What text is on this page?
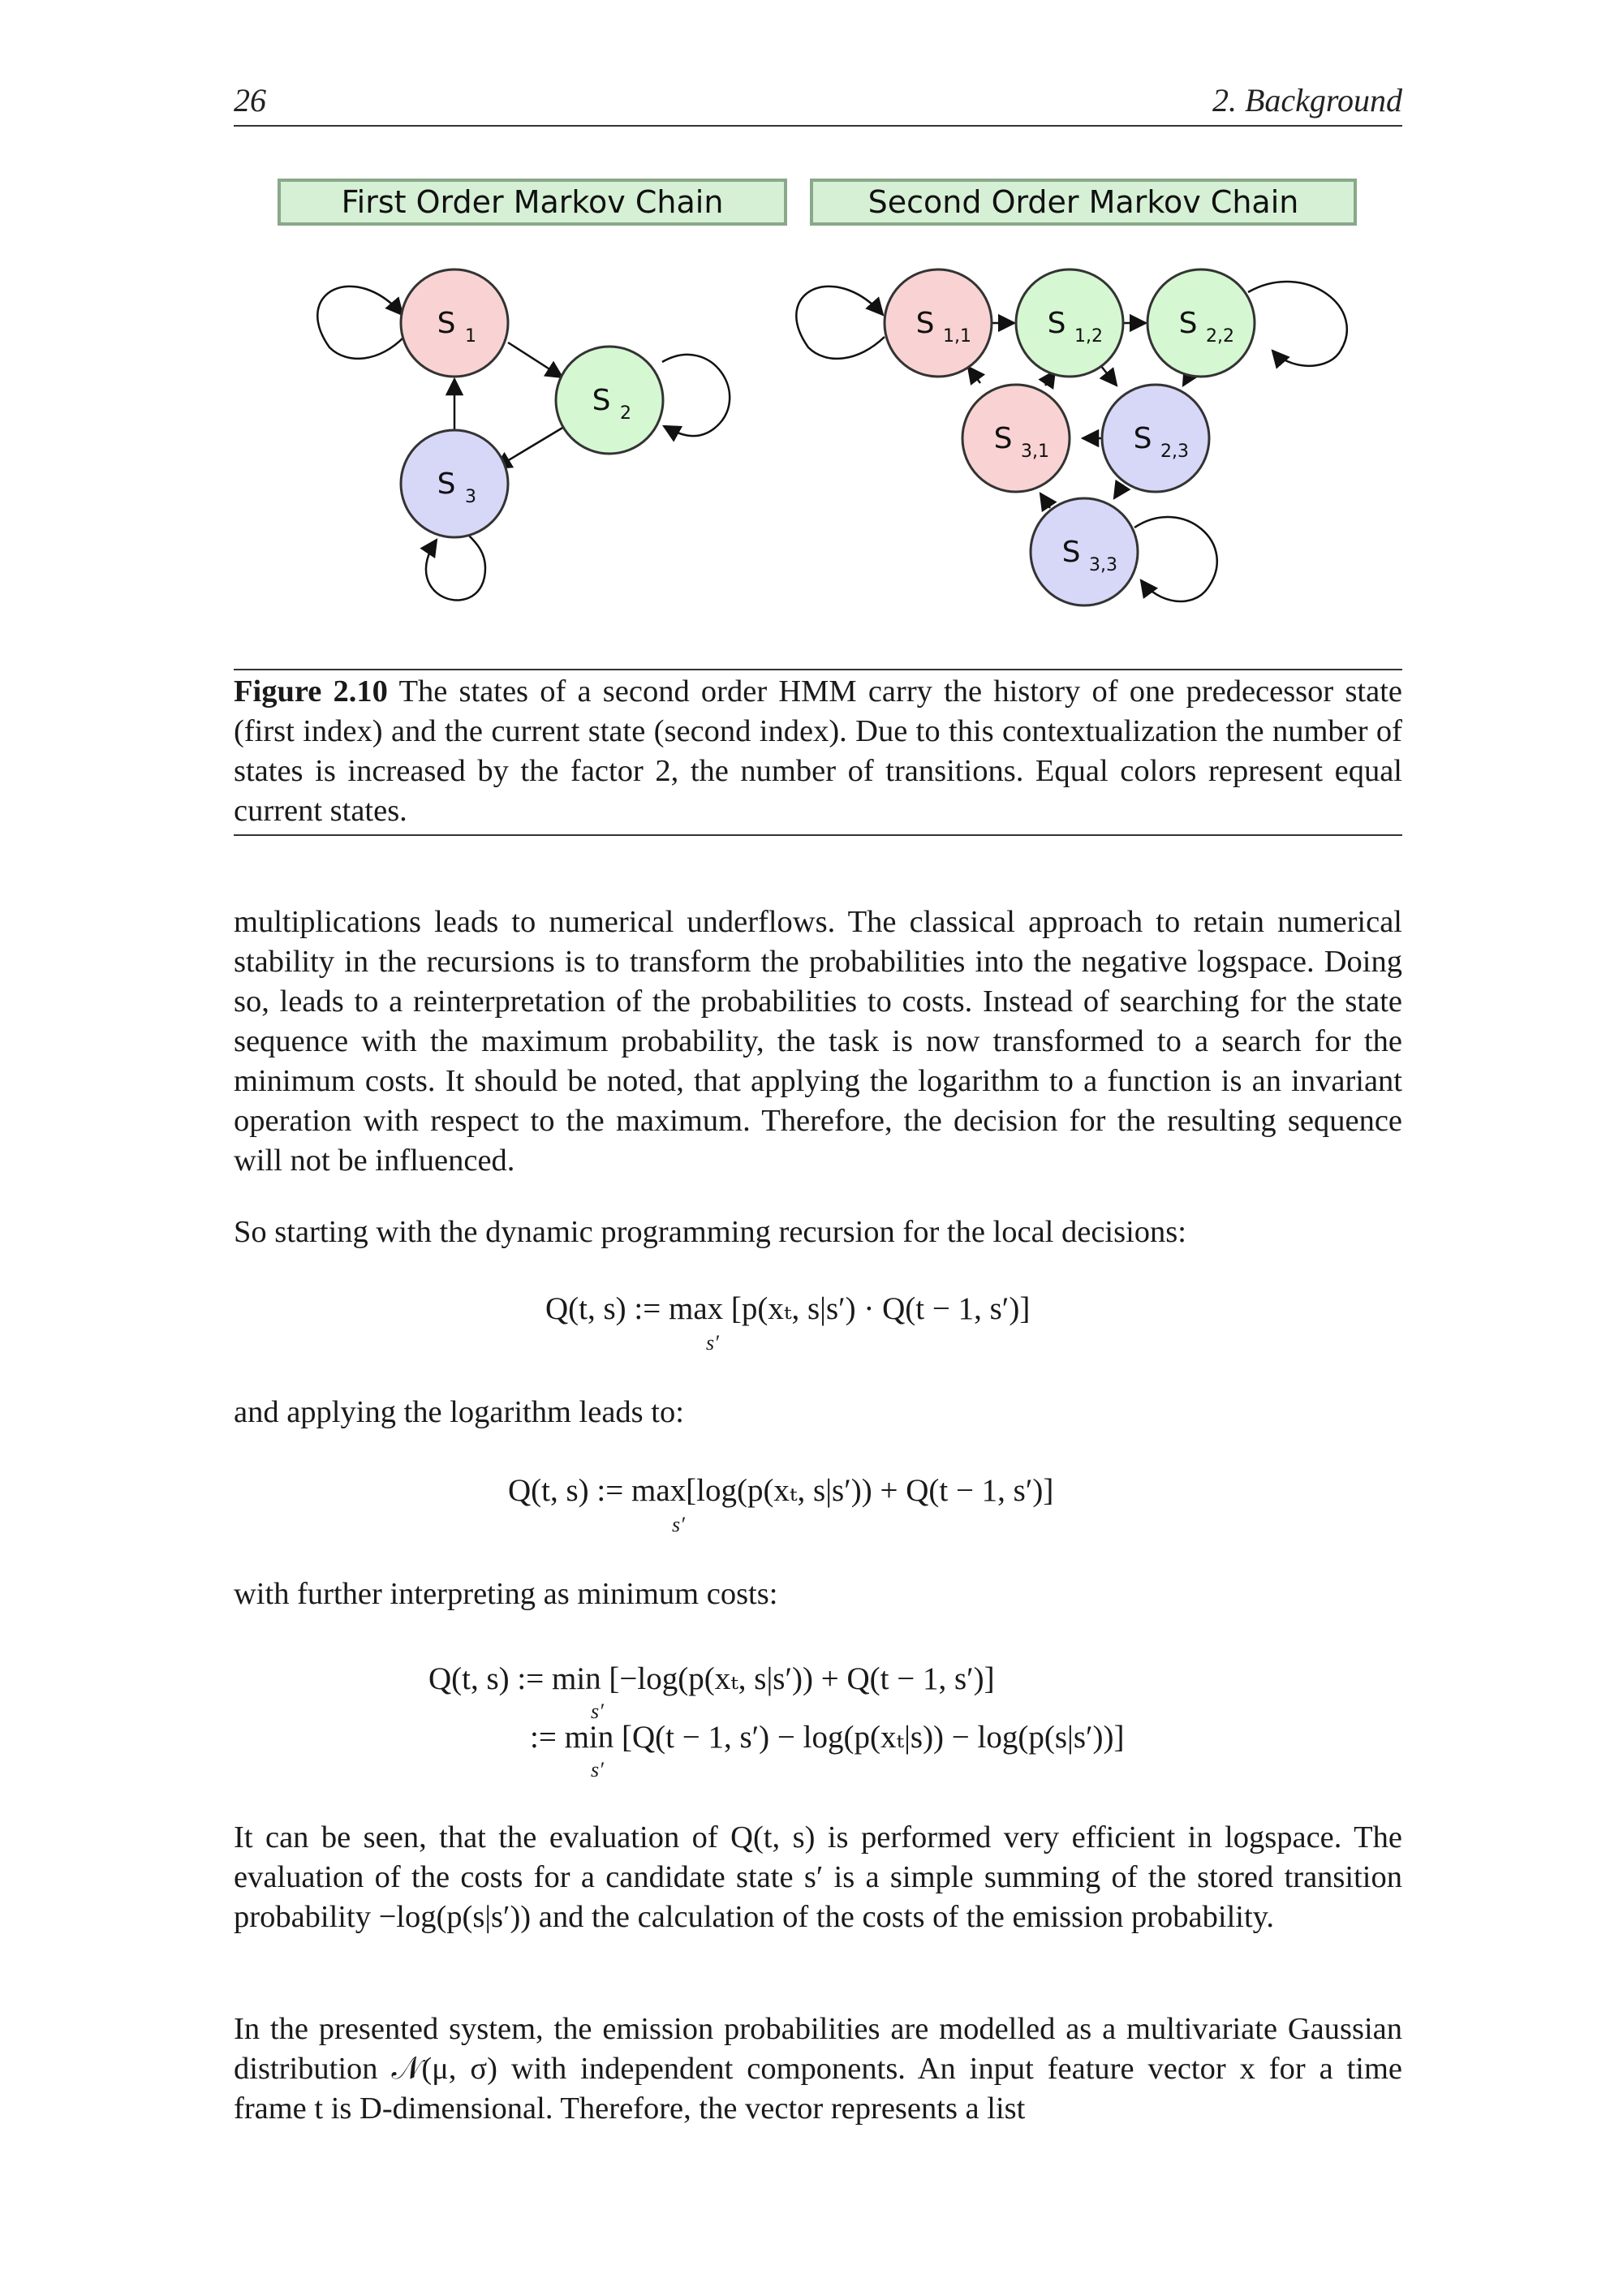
26	2. Background
First Order Markov Chain	Second Order Markov Chain
S 1
S 2
S 3
S 1,1	S 1,2	S 2,2
S 3,1	S 2,3
S 3,3
Figure 2.10 The states of a second order HMM carry the history of one predecessor state (first index) and the current state (second index). Due to this contextualization the number of states is increased by the factor 2, the number of transitions. Equal colors represent equal current states.
multiplications leads to numerical underflows. The classical approach to retain numerical stability in the recursions is to transform the probabilities into the negative logspace. Doing so, leads to a reinterpretation of the probabilities to costs. Instead of searching for the state sequence with the maximum probability, the task is now transformed to a search for the minimum costs. It should be noted, that applying the logarithm to a function is an invariant operation with respect to the maximum. Therefore, the decision for the resulting sequence will not be influenced.
So starting with the dynamic programming recursion for the local decisions:
Q(t, s) := max [p(xₜ, s|s′) · Q(t − 1, s′)]
s′
and applying the logarithm leads to:
Q(t, s) := max[log(p(xₜ, s|s′)) + Q(t − 1, s′)]
s′
with further interpreting as minimum costs:
Q(t, s) := min [−log(p(xₜ, s|s′)) + Q(t − 1, s′)]
s′
:= min [Q(t − 1, s′) − log(p(xₜ|s)) − log(p(s|s′))]
s′
It can be seen, that the evaluation of Q(t, s) is performed very efficient in logspace. The evaluation of the costs for a candidate state s′ is a simple summing of the stored transition probability −log(p(s|s′)) and the calculation of the costs of the emission probability.
In the presented system, the emission probabilities are modelled as a multivariate Gaussian distribution 𝒩(μ, σ) with independent components. An input feature vector x for a time frame t is D-dimensional. Therefore, the vector represents a list
